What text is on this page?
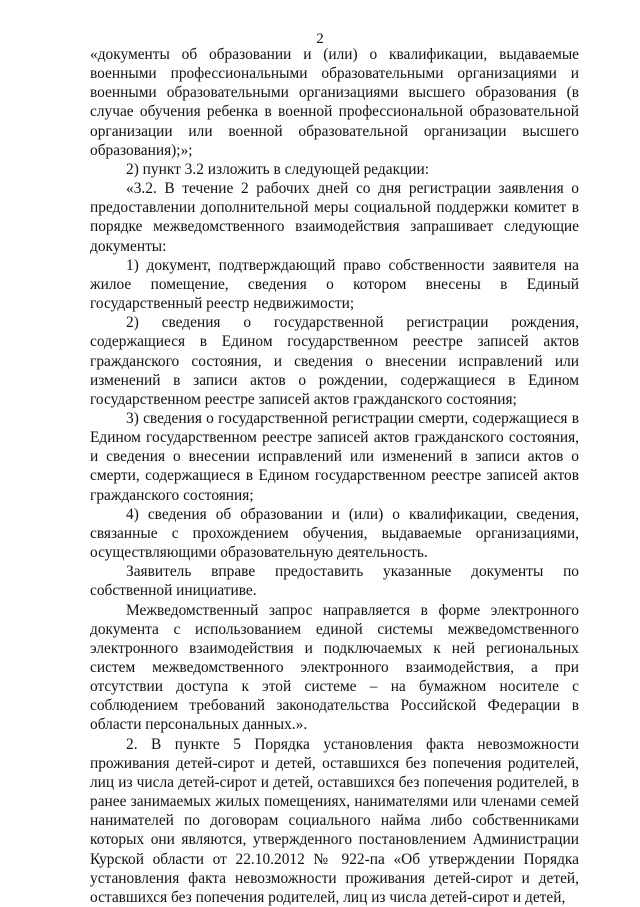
2

«документы об образовании и (или) о квалификации, выдаваемые военными профессиональными образовательными организациями и военными образовательными организациями высшего образования (в случае обучения ребенка в военной профессиональной образовательной организации или военной образовательной организации высшего образования);»;

2) пункт 3.2 изложить в следующей редакции:

«3.2. В течение 2 рабочих дней со дня регистрации заявления о предоставлении дополнительной меры социальной поддержки комитет в порядке межведомственного взаимодействия запрашивает следующие документы:

1) документ, подтверждающий право собственности заявителя на жилое помещение, сведения о котором внесены в Единый государственный реестр недвижимости;

2) сведения о государственной регистрации рождения, содержащиеся в Едином государственном реестре записей актов гражданского состояния, и сведения о внесении исправлений или изменений в записи актов о рождении, содержащиеся в Едином государственном реестре записей актов гражданского состояния;

3) сведения о государственной регистрации смерти, содержащиеся в Едином государственном реестре записей актов гражданского состояния, и сведения о внесении исправлений или изменений в записи актов о смерти, содержащиеся в Едином государственном реестре записей актов гражданского состояния;

4) сведения об образовании и (или) о квалификации, сведения, связанные с прохождением обучения, выдаваемые организациями, осуществляющими образовательную деятельность.

Заявитель вправе предоставить указанные документы по собственной инициативе.

Межведомственный запрос направляется в форме электронного документа с использованием единой системы межведомственного электронного взаимодействия и подключаемых к ней региональных систем межведомственного электронного взаимодействия, а при отсутствии доступа к этой системе – на бумажном носителе с соблюдением требований законодательства Российской Федерации в области персональных данных.».

2. В пункте 5 Порядка установления факта невозможности проживания детей-сирот и детей, оставшихся без попечения родителей, лиц из числа детей-сирот и детей, оставшихся без попечения родителей, в ранее занимаемых жилых помещениях, нанимателями или членами семей нанимателей по договорам социального найма либо собственниками которых они являются, утвержденного постановлением Администрации Курской области от 22.10.2012 № 922-па «Об утверждении Порядка установления факта невозможности проживания детей-сирот и детей, оставшихся без попечения родителей, лиц из числа детей-сирот и детей,
